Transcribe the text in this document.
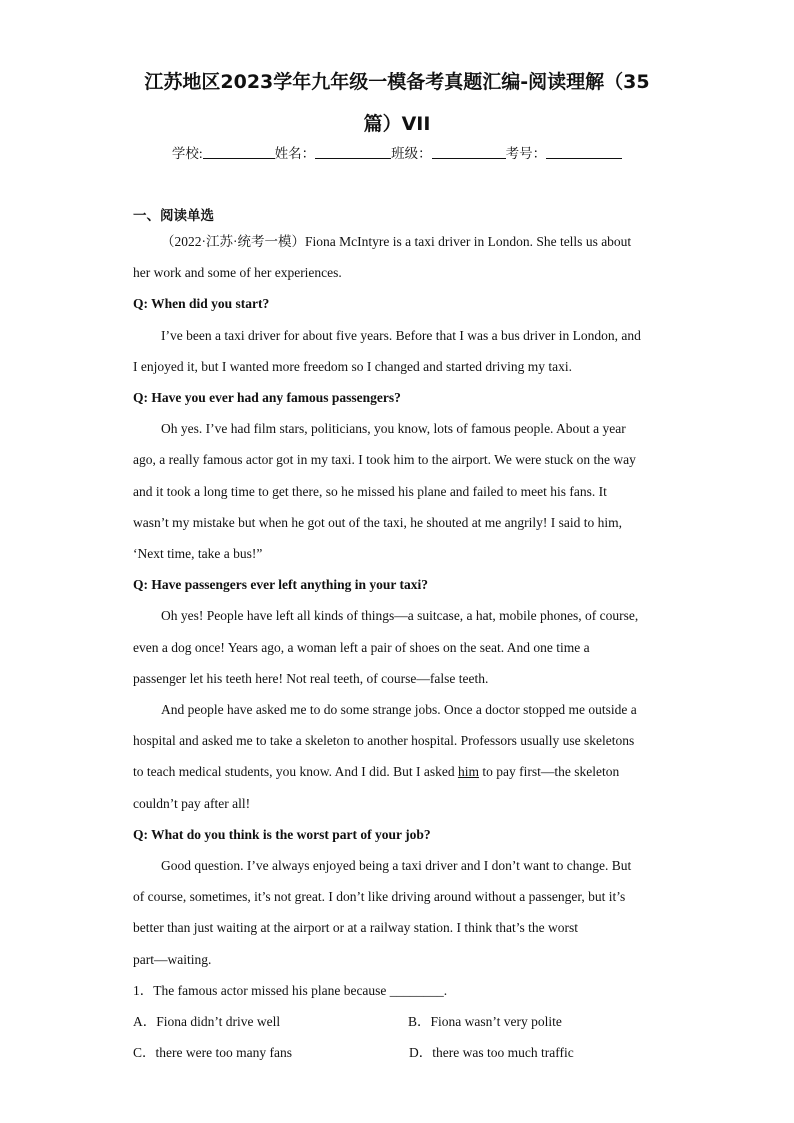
江苏地区2023学年九年级一模备考真题汇编-阅读理解（35
篇）VII
学校:	姓名：	班级：	考号：
一、阅读单选
（2022·江苏·统考一模）Fiona McIntyre is a taxi driver in London. She tells us about
her work and some of her experiences.
Q: When did you start?
I’ve been a taxi driver for about five years. Before that I was a bus driver in London, and
I enjoyed it, but I wanted more freedom so I changed and started driving my taxi.
Q: Have you ever had any famous passengers?
Oh yes. I’ve had film stars, politicians, you know, lots of famous people. About a year
ago, a really famous actor got in my taxi. I took him to the airport. We were stuck on the way
and it took a long time to get there, so he missed his plane and failed to meet his fans. It
wasn’t my mistake but when he got out of the taxi, he shouted at me angrily! I said to him,
‘Next time, take a bus!”
Q: Have passengers ever left anything in your taxi?
Oh yes! People have left all kinds of things—a suitcase, a hat, mobile phones, of course,
even a dog once! Years ago, a woman left a pair of shoes on the seat. And one time a
passenger let his teeth here! Not real teeth, of course—false teeth.
And people have asked me to do some strange jobs. Once a doctor stopped me outside a
hospital and asked me to take a skeleton to another hospital. Professors usually use skeletons
to teach medical students, you know. And I did. But I asked him to pay first—the skeleton
couldn’t pay after all!
Q: What do you think is the worst part of your job?
Good question. I’ve always enjoyed being a taxi driver and I don’t want to change. But
of course, sometimes, it’s not great. I don’t like driving around without a passenger, but it’s
better than just waiting at the airport or at a railway station. I think that’s the worst
part—waiting.
1．The famous actor missed his plane because ________.
A．Fiona didn’t drive well	B．Fiona wasn’t very polite
C．there were too many fans	D．there was too much traffic
